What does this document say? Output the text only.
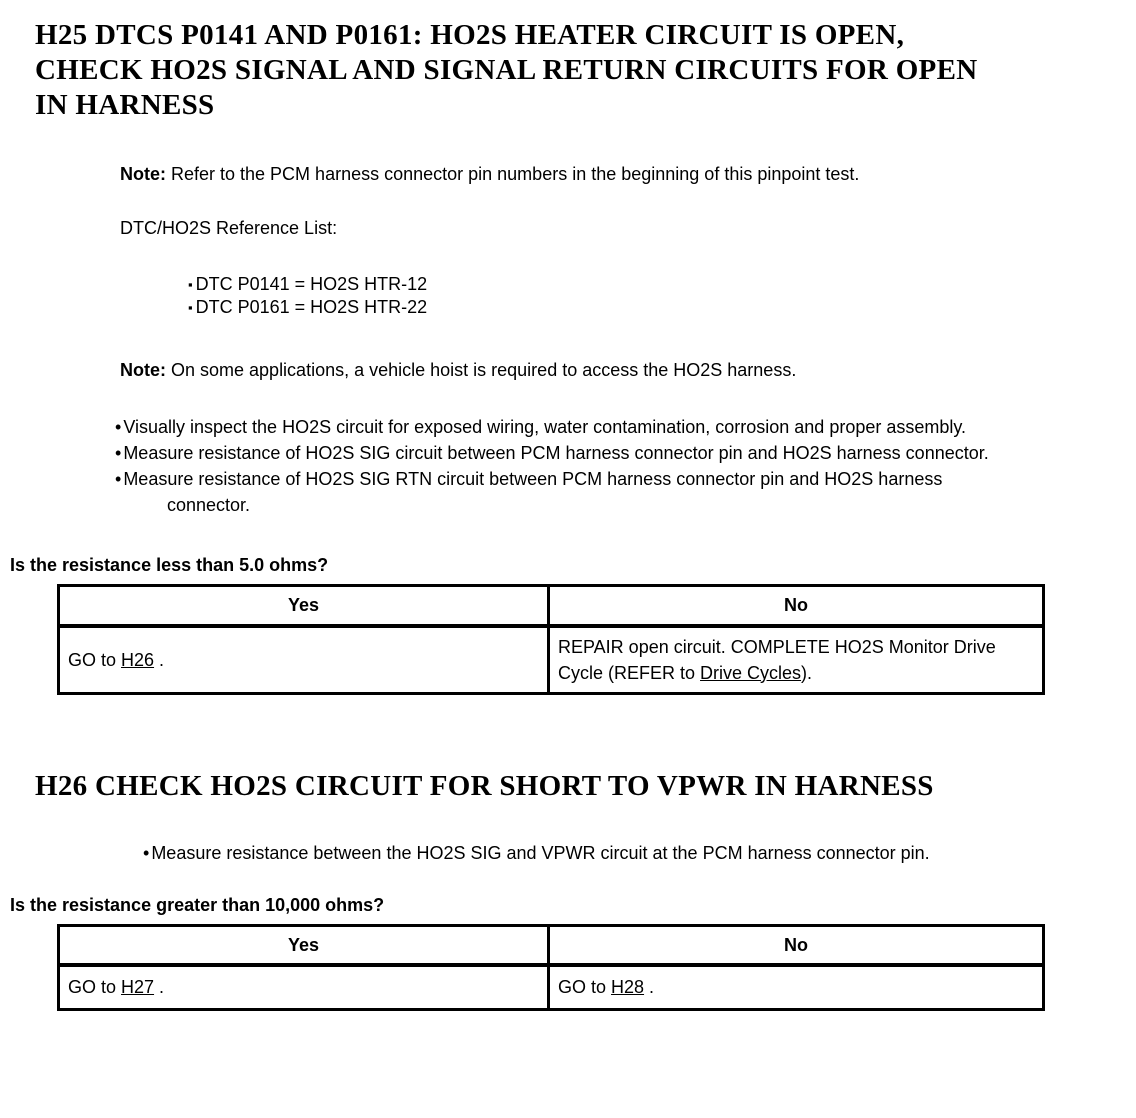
H25 DTCS P0141 AND P0161: HO2S HEATER CIRCUIT IS OPEN,
CHECK HO2S SIGNAL AND SIGNAL RETURN CIRCUITS FOR OPEN
IN HARNESS
Note: Refer to the PCM harness connector pin numbers in the beginning of this pinpoint test.
DTC/HO2S Reference List:
▪ DTC P0141 = HO2S HTR-12
▪ DTC P0161 = HO2S HTR-22
Note: On some applications, a vehicle hoist is required to access the HO2S harness.
• Visually inspect the HO2S circuit for exposed wiring, water contamination, corrosion and proper assembly.
• Measure resistance of HO2S SIG circuit between PCM harness connector pin and HO2S harness connector.
• Measure resistance of HO2S SIG RTN circuit between PCM harness connector pin and HO2S harness connector.
Is the resistance less than 5.0 ohms?
Yes	No
GO to H26 .	REPAIR open circuit. COMPLETE HO2S Monitor Drive Cycle (REFER to Drive Cycles).
H26 CHECK HO2S CIRCUIT FOR SHORT TO VPWR IN HARNESS
• Measure resistance between the HO2S SIG and VPWR circuit at the PCM harness connector pin.
Is the resistance greater than 10,000 ohms?
Yes	No
GO to H27 .	GO to H28 .
